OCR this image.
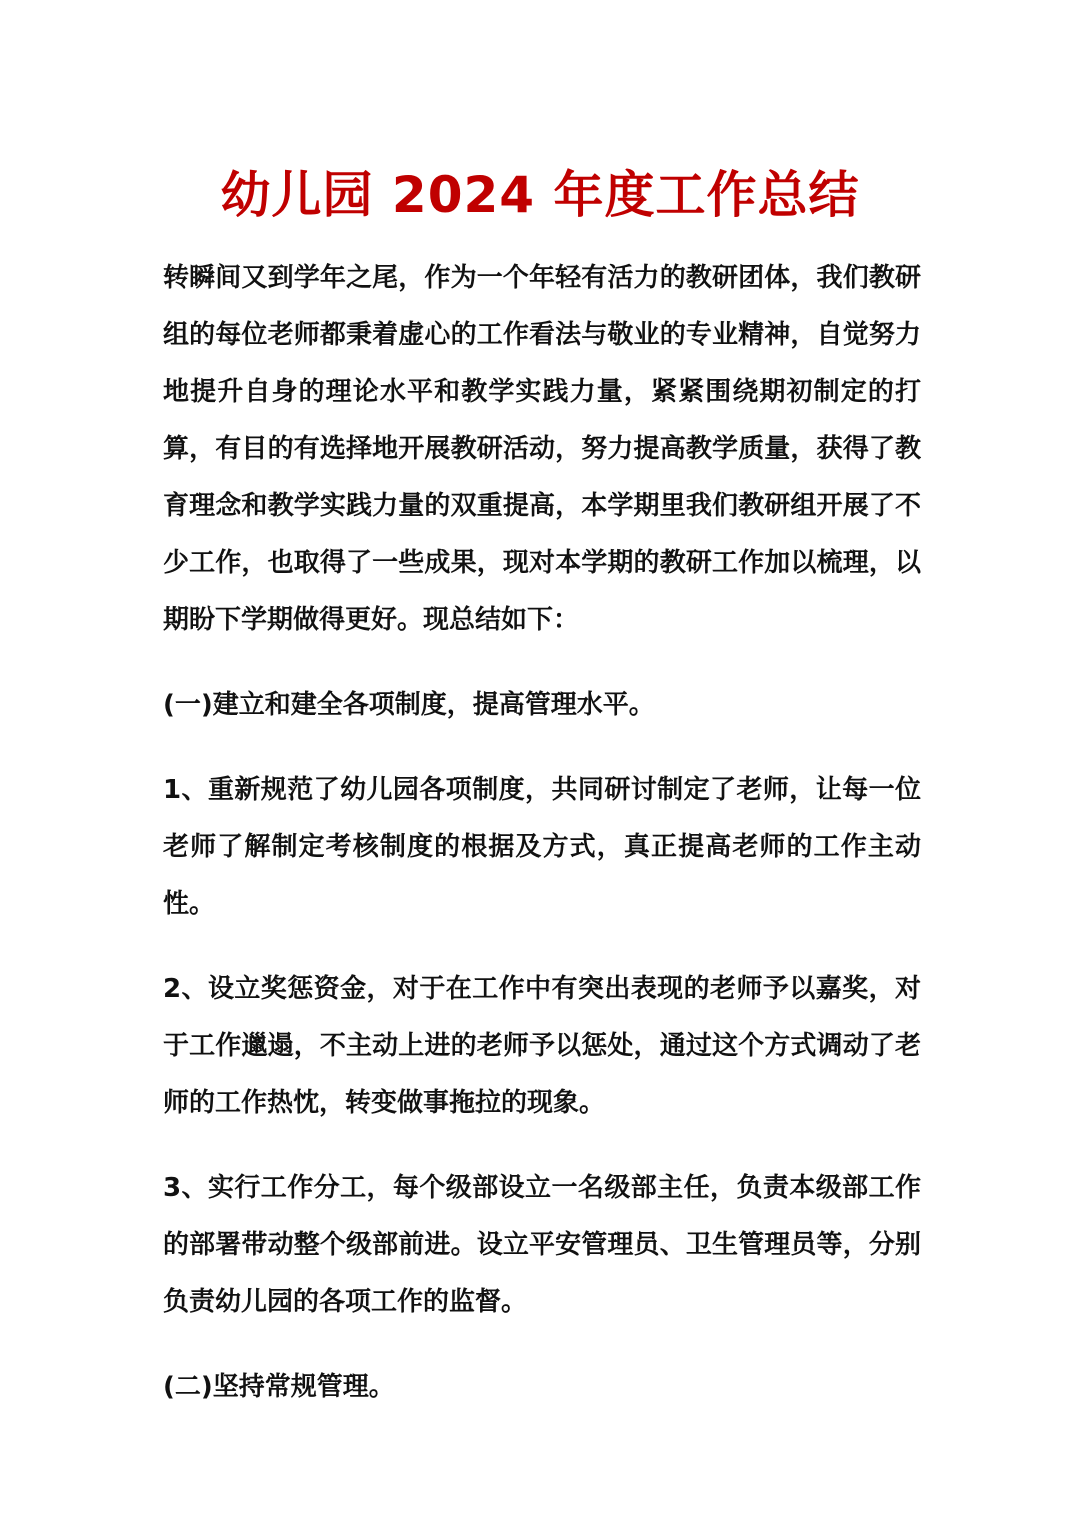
幼儿园 2024 年度工作总结

转瞬间又到学年之尾，作为一个年轻有活力的教研团体，我们教研组的每位老师都秉着虚心的工作看法与敬业的专业精神，自觉努力地提升自身的理论水平和教学实践力量，紧紧围绕期初制定的打算，有目的有选择地开展教研活动，努力提高教学质量，获得了教育理念和教学实践力量的双重提高，本学期里我们教研组开展了不少工作，也取得了一些成果，现对本学期的教研工作加以梳理，以期盼下学期做得更好。现总结如下：

(一)建立和建全各项制度，提高管理水平。

1、重新规范了幼儿园各项制度，共同研讨制定了老师，让每一位老师了解制定考核制度的根据及方式，真正提高老师的工作主动性。

2、设立奖惩资金，对于在工作中有突出表现的老师予以嘉奖，对于工作邋遢，不主动上进的老师予以惩处，通过这个方式调动了老师的工作热忱，转变做事拖拉的现象。

3、实行工作分工，每个级部设立一名级部主任，负责本级部工作的部署带动整个级部前进。设立平安管理员、卫生管理员等，分别负责幼儿园的各项工作的监督。

(二)坚持常规管理。
